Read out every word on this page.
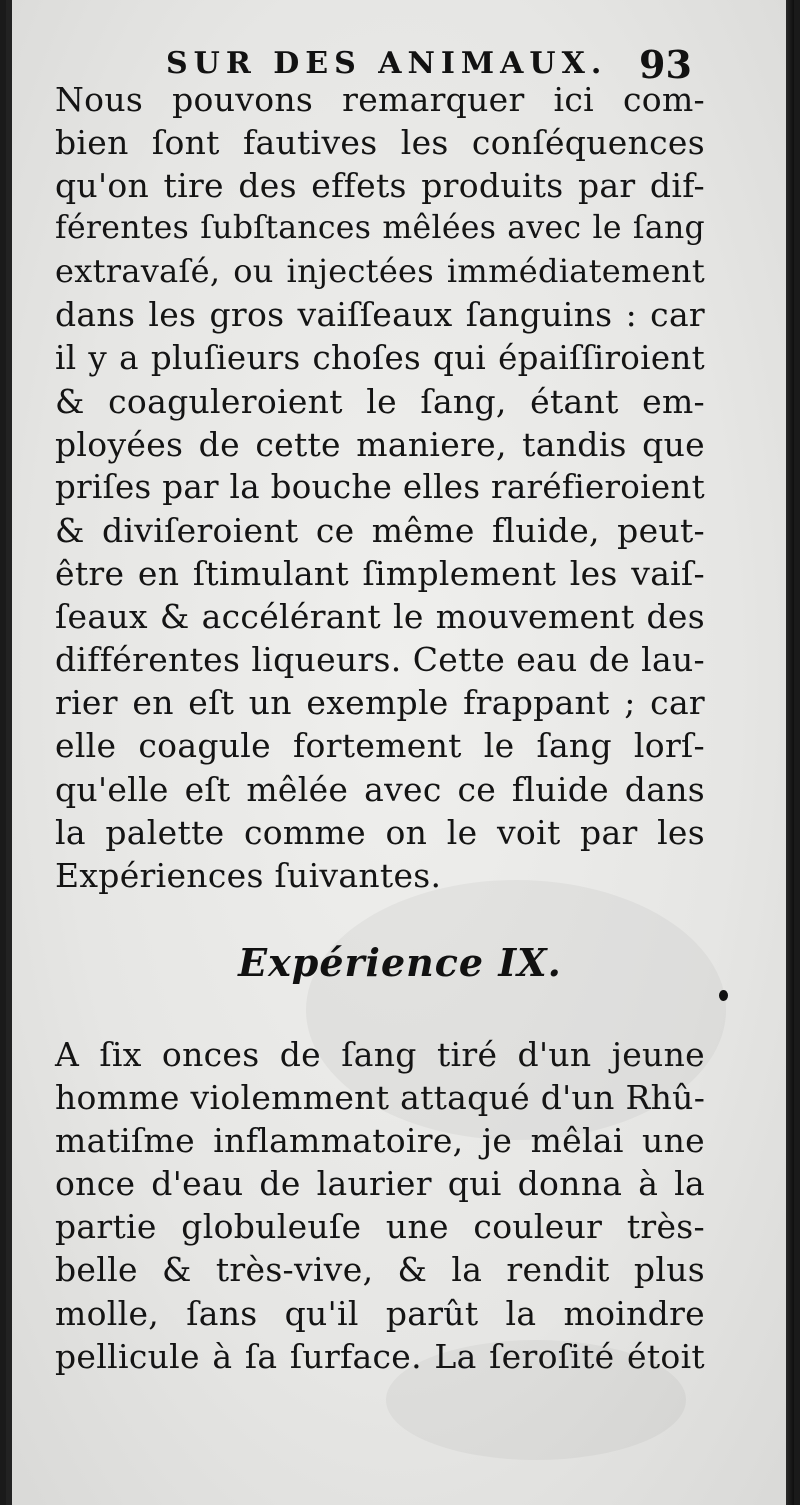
SUR DES ANIMAUX. 93

Nous pouvons remarquer ici com-
bien ſont fautives les conſéquences
qu'on tire des effets produits par dif-
férentes ſubſtances mêlées avec le ſang
extravaſé, ou injectées immédiatement
dans les gros vaiſſeaux ſanguins : car
il y a pluſieurs choſes qui épaiſſiroient
& coaguleroient le ſang, étant em-
ployées de cette maniere, tandis que
priſes par la bouche elles raréfieroient
& diviſeroient ce même fluide, peut-
être en ſtimulant ſimplement les vaiſ-
ſeaux & accélérant le mouvement des
différentes liqueurs. Cette eau de lau-
rier en eſt un exemple frappant ; car
elle coagule fortement le ſang lorſ-
qu'elle eſt mêlée avec ce fluide dans
la palette comme on le voit par les
Expériences ſuivantes.

Expérience IX.

A ſix onces de ſang tiré d'un jeune
homme violemment attaqué d'un Rhû-
matiſme inflammatoire, je mêlai une
once d'eau de laurier qui donna à la
partie globuleuſe une couleur très-
belle & très-vive, & la rendit plus
molle, ſans qu'il parût la moindre
pellicule à ſa ſurface. La ſeroſité étoit
